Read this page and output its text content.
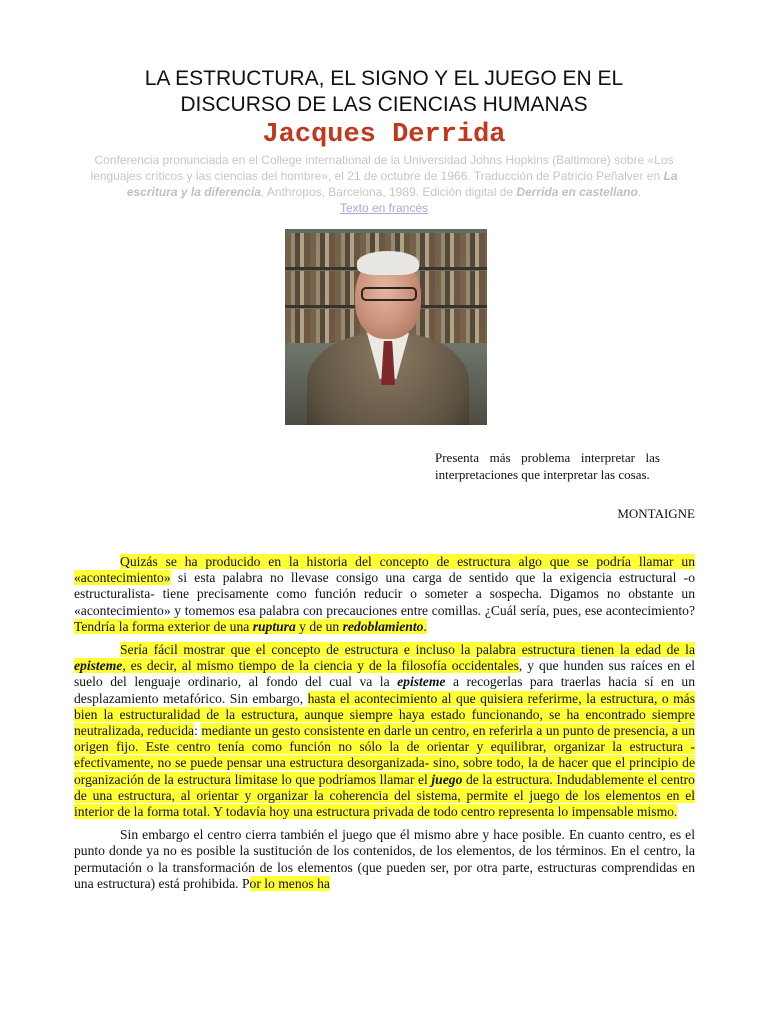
LA ESTRUCTURA, EL SIGNO Y EL JUEGO EN EL
DISCURSO DE LAS CIENCIAS HUMANAS
Jacques Derrida
Conferencia pronunciada en el College international de la Universidad Johns Hopkins (Baltimore) sobre «Los lenguajes críticos y las ciencias del hombre», el 21 de octubre de 1966. Traducción de Patricio Peñalver en La escritura y la diferencia, Anthropos, Barcelona, 1989. Edición digital de Derrida en castellano.
Texto en francés
Presenta más problema interpretar las interpretaciones que interpretar las cosas.
MONTAIGNE

Quizás se ha producido en la historia del concepto de estructura algo que se podría llamar un «acontecimiento» si esta palabra no llevase consigo una carga de sentido que la exigencia estructural -o estructuralista- tiene precisamente como función reducir o someter a sospecha. Digamos no obstante un «acontecimiento» y tomemos esa palabra con precauciones entre comillas. ¿Cuál sería, pues, ese acontecimiento? Tendría la forma exterior de una ruptura y de un redoblamiento.

Sería fácil mostrar que el concepto de estructura e incluso la palabra estructura tienen la edad de la episteme, es decir, al mismo tiempo de la ciencia y de la filosofía occidentales, y que hunden sus raíces en el suelo del lenguaje ordinario, al fondo del cual va la episteme a recogerlas para traerlas hacia sí en un desplazamiento metafórico. Sin embargo, hasta el acontecimiento al que quisiera referirme, la estructura, o más bien la estructuralidad de la estructura, aunque siempre haya estado funcionando, se ha encontrado siempre neutralizada, reducida: mediante un gesto consistente en darle un centro, en referirla a un punto de presencia, a un origen fijo. Este centro tenía como función no sólo la de orientar y equilibrar, organizar la estructura -efectivamente, no se puede pensar una estructura desorganizada- sino, sobre todo, la de hacer que el principio de organización de la estructura limitase lo que podríamos llamar el juego de la estructura. Indudablemente el centro de una estructura, al orientar y organizar la coherencia del sistema, permite el juego de los elementos en el interior de la forma total. Y todavía hoy una estructura privada de todo centro representa lo impensable mismo.

Sin embargo el centro cierra también el juego que él mismo abre y hace posible. En cuanto centro, es el punto donde ya no es posible la sustitución de los contenidos, de los elementos, de los términos. En el centro, la permutación o la transformación de los elementos (que pueden ser, por otra parte, estructuras comprendidas en una estructura) está prohibida. Por lo menos ha
